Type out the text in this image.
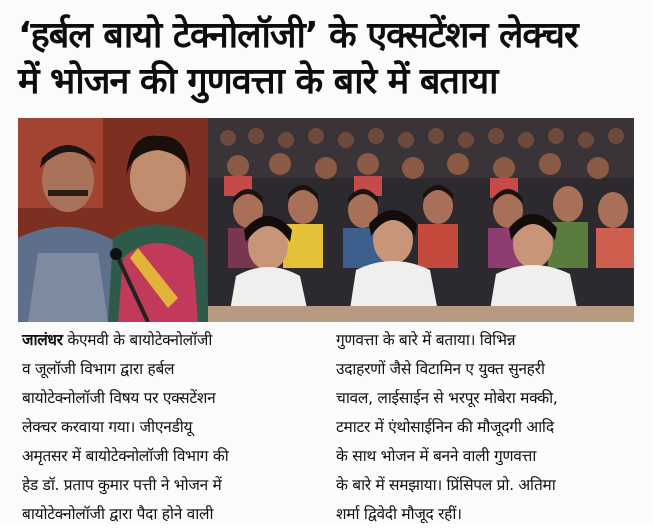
‘हर्बल बायो टेक्नोलॉजी’ के एक्सटेंशन लेक्चर
में भोजन की गुणवत्ता के बारे में बताया
जालंधर केएमवी के बायोटेक्नोलॉजी
व जूलॉजी विभाग द्वारा हर्बल
बायोटेक्नोलॉजी विषय पर एक्सटेंशन
लेक्चर करवाया गया। जीएनडीयू
अमृतसर में बायोटेक्नोलॉजी विभाग की
हेड डॉ. प्रताप कुमार पत्ती ने भोजन में
बायोटेक्नोलॉजी द्वारा पैदा होने वाली
गुणवत्ता के बारे में बताया। विभिन्न
उदाहरणों जैसे विटामिन ए युक्त सुनहरी
चावल, लाईसाईन से भरपूर मोबेरा मक्की,
टमाटर में एंथोसाईनिन की मौजूदगी आदि
के साथ भोजन में बनने वाली गुणवत्ता
के बारे में समझाया। प्रिंसिपल प्रो. अतिमा
शर्मा द्विवेदी मौजूद रहीं।
